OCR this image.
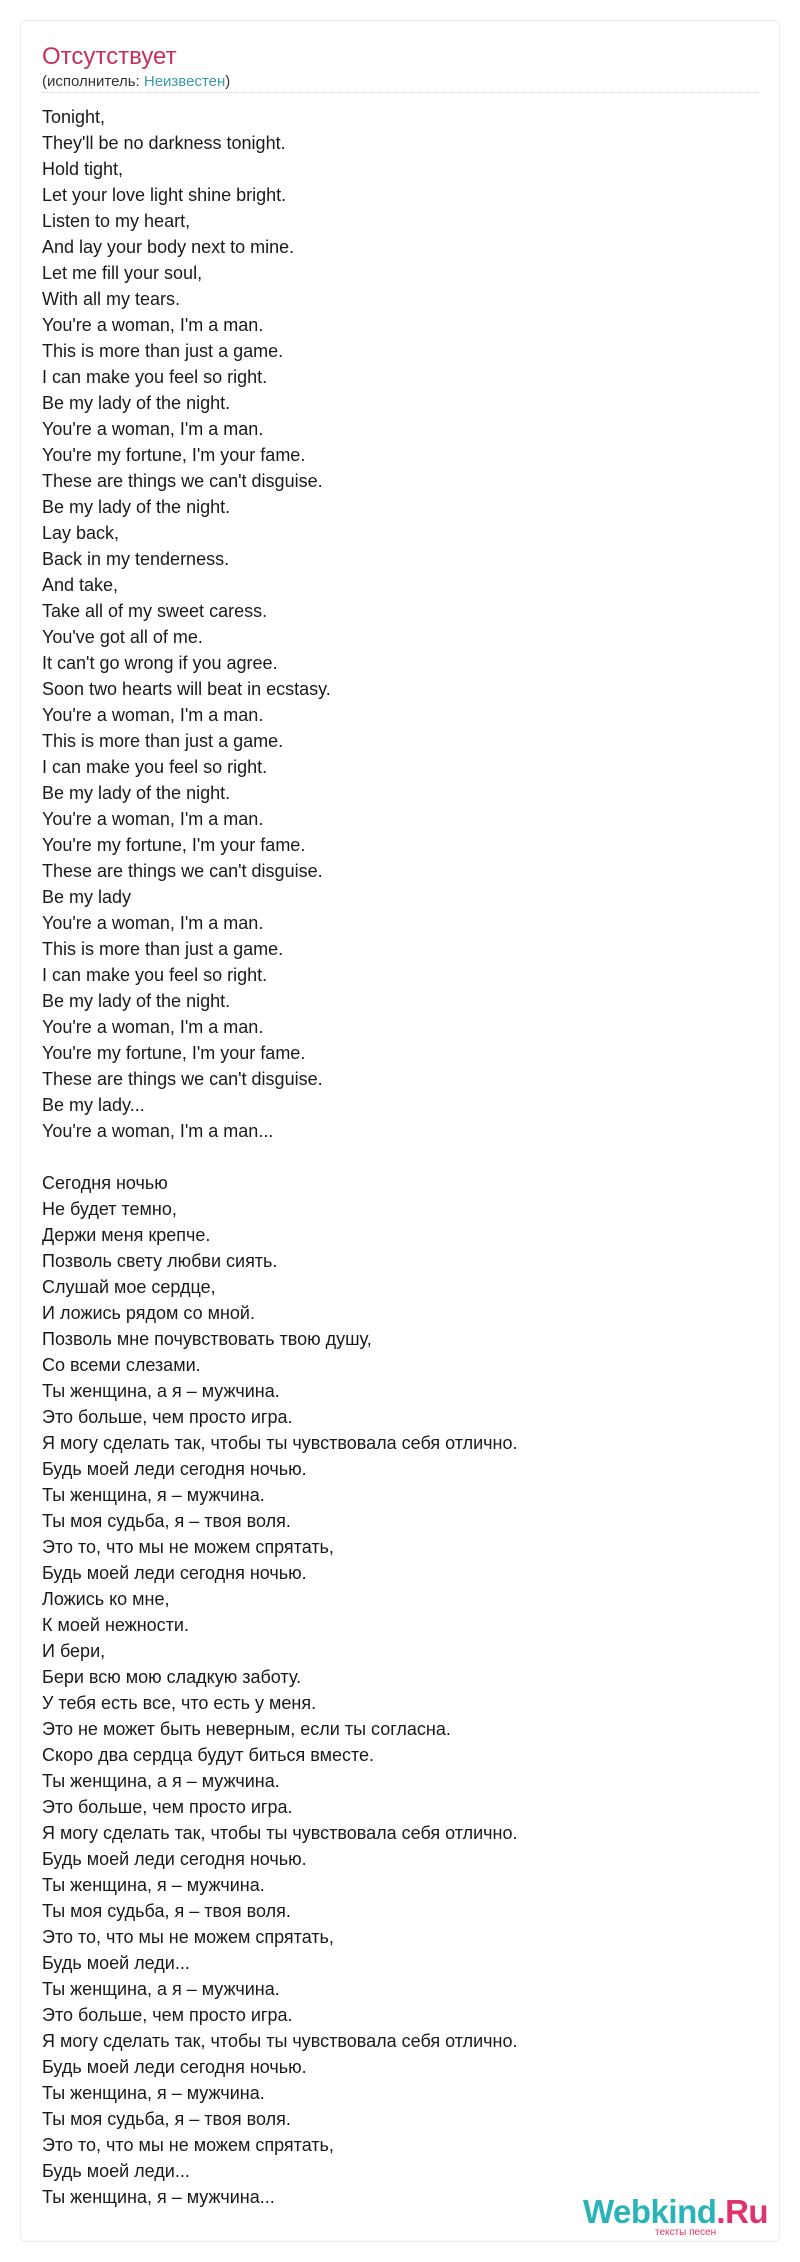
Отсутствует
(исполнитель: Неизвестен)
Tonight,
They'll be no darkness tonight.
Hold tight,
Let your love light shine bright.
Listen to my heart,
And lay your body next to mine.
Let me fill your soul,
With all my tears.
You're a woman, I'm a man.
This is more than just a game.
I can make you feel so right.
Be my lady of the night.
You're a woman, I'm a man.
You're my fortune, I'm your fame.
These are things we can't disguise.
Be my lady of the night.
Lay back,
Back in my tenderness.
And take,
Take all of my sweet caress.
You've got all of me.
It can't go wrong if you agree.
Soon two hearts will beat in ecstasy.
You're a woman, I'm a man.
This is more than just a game.
I can make you feel so right.
Be my lady of the night.
You're a woman, I'm a man.
You're my fortune, I'm your fame.
These are things we can't disguise.
Be my lady
You're a woman, I'm a man.
This is more than just a game.
I can make you feel so right.
Be my lady of the night.
You're a woman, I'm a man.
You're my fortune, I'm your fame.
These are things we can't disguise.
Be my lady...
You're a woman, I'm a man...
Сегодня ночью
Не будет темно,
Держи меня крепче.
Позволь свету любви сиять.
Слушай мое сердце,
И ложись рядом со мной.
Позволь мне почувствовать твою душу,
Со всеми слезами.
Ты женщина, а я – мужчина.
Это больше, чем просто игра.
Я могу сделать так, чтобы ты чувствовала себя отлично.
Будь моей леди сегодня ночью.
Ты женщина, я – мужчина.
Ты моя судьба, я – твоя воля.
Это то, что мы не можем спрятать,
Будь моей леди сегодня ночью.
Ложись ко мне,
К моей нежности.
И бери,
Бери всю мою сладкую заботу.
У тебя есть все, что есть у меня.
Это не может быть неверным, если ты согласна.
Скоро два сердца будут биться вместе.
Ты женщина, а я – мужчина.
Это больше, чем просто игра.
Я могу сделать так, чтобы ты чувствовала себя отлично.
Будь моей леди сегодня ночью.
Ты женщина, я – мужчина.
Ты моя судьба, я – твоя воля.
Это то, что мы не можем спрятать,
Будь моей леди...
Ты женщина, а я – мужчина.
Это больше, чем просто игра.
Я могу сделать так, чтобы ты чувствовала себя отлично.
Будь моей леди сегодня ночью.
Ты женщина, я – мужчина.
Ты моя судьба, я – твоя воля.
Это то, что мы не можем спрятать,
Будь моей леди...
Ты женщина, я – мужчина...	Webkind.Ru
тексты песен
